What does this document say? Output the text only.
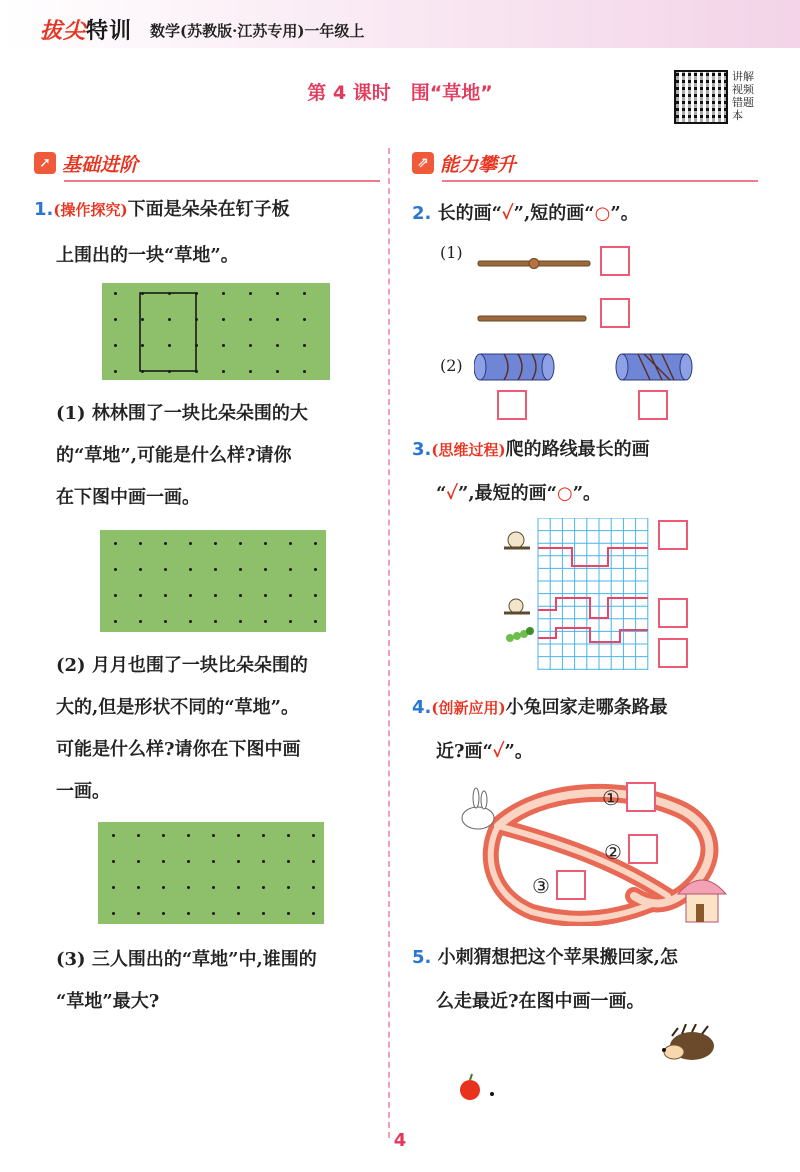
拔尖特训 数学(苏教版·江苏专用)一年级上
第 4 课时 围“草地”
讲解视频 错题本
➚ 基础进阶	⇗ 能力攀升
1.(操作探究)下面是朵朵在钉子板
上围出的一块“草地”。
(1) 林林围了一块比朵朵围的大
的“草地”,可能是什么样?请你
在下图中画一画。
(2) 月月也围了一块比朵朵围的
大的,但是形状不同的“草地”。
可能是什么样?请你在下图中画
一画。
(3) 三人围出的“草地”中,谁围的
“草地”最大?
2. 长的画“✓”,短的画“○”。
(1)
(2)
3.(思维过程)爬的路线最长的画
“✓”,最短的画“○”。
4.(创新应用)小兔回家走哪条路最
近?画“✓”。
①
②
③
5. 小刺猬想把这个苹果搬回家,怎
么走最近?在图中画一画。
4
